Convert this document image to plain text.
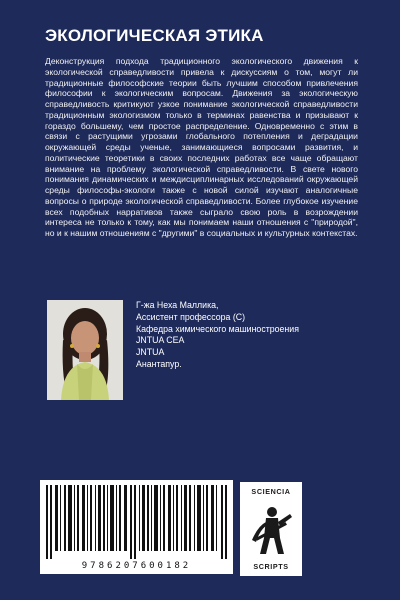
ЭКОЛОГИЧЕСКАЯ ЭТИКА
Деконструкция подхода традиционного экологического движения к экологической справедливости привела к дискуссиям о том, могут ли традиционные философские теории быть лучшим способом привлечения философии к экологическим вопросам. Движения за экологическую справедливость критикуют узкое понимание экологической справедливости традиционным экологизмом только в терминах равенства и призывают к гораздо большему, чем простое распределение. Одновременно с этим в связи с растущими угрозами глобального потепления и деградации окружающей среды ученые, занимающиеся вопросами развития, и политические теоретики в своих последних работах все чаще обращают внимание на проблему экологической справедливости. В свете нового понимания динамических и междисциплинарных исследований окружающей среды философы-экологи также с новой силой изучают аналогичные вопросы о природе экологической справедливости. Более глубокое изучение всех подобных нарративов также сыграло свою роль в возрождении интереса не только к тому, как мы понимаем наши отношения с "природой", но и к нашим отношениям с "другими" в социальных и культурных контекстах.
Г-жа Неха Маллика,
Ассистент профессора (С)
Кафедра химического машиностроения
JNTUA CEA
JNTUA
Анантапур.
9786207600182
SCIENCIA
SCRIPTS
